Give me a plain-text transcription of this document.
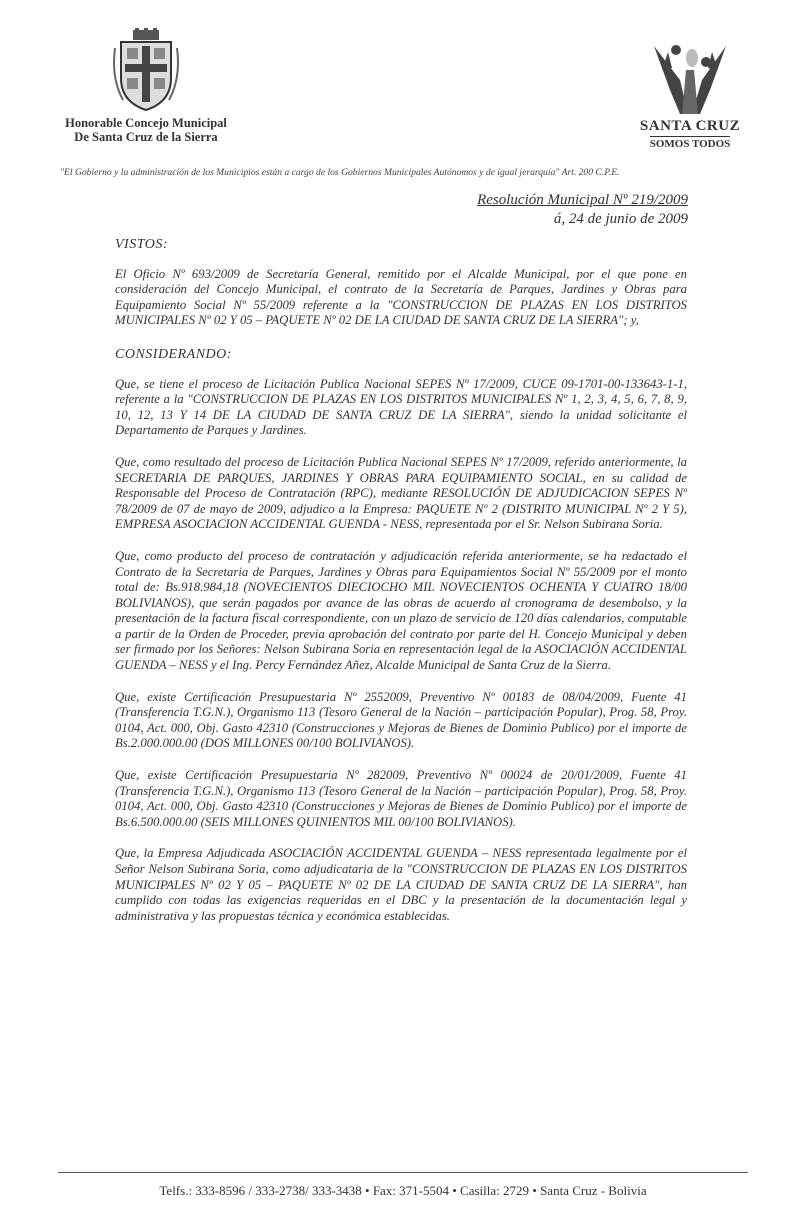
Honorable Concejo Municipal
De Santa Cruz de la Sierra
SANTA CRUZ
SOMOS TODOS
"El Gobierno y la administración de los Municipios están a cargo de los Gobiernos Municipales Autónomos y de igual jerarquía" Art. 200 C.P.E.
Resolución Municipal Nº 219/2009
á, 24 de junio de 2009
VISTOS:

El Oficio Nº 693/2009 de Secretaría General, remitido por el Alcalde Municipal, por el que pone en consideración del Concejo Municipal, el contrato de la Secretaría de Parques, Jardines y Obras para Equipamiento Social Nº 55/2009 referente a la "CONSTRUCCION DE PLAZAS EN LOS DISTRITOS MUNICIPALES Nº 02 Y 05 – PAQUETE Nº 02 DE LA CIUDAD DE SANTA CRUZ DE LA SIERRA"; y,

CONSIDERANDO:

Que, se tiene el proceso de Licitación Publica Nacional SEPES Nº 17/2009, CUCE 09-1701-00-133643-1-1, referente a la "CONSTRUCCION DE PLAZAS EN LOS DISTRITOS MUNICIPALES Nº 1, 2, 3, 4, 5, 6, 7, 8, 9, 10, 12, 13 Y 14 DE LA CIUDAD DE SANTA CRUZ DE LA SIERRA", siendo la unidad solicitante el Departamento de Parques y Jardines.

Que, como resultado del proceso de Licitación Publica Nacional SEPES Nº 17/2009, referido anteriormente, la SECRETARIA DE PARQUES, JARDINES Y OBRAS PARA EQUIPAMIENTO SOCIAL, en su calidad de Responsable del Proceso de Contratación (RPC), mediante RESOLUCIÓN DE ADJUDICACION SEPES Nº 78/2009 de 07 de mayo de 2009, adjudico a la Empresa: PAQUETE Nº 2 (DISTRITO MUNICIPAL Nº 2 Y 5), EMPRESA ASOCIACION ACCIDENTAL GUENDA - NESS, representada por el Sr. Nelson Subirana Soria.

Que, como producto del proceso de contratación y adjudicación referida anteriormente, se ha redactado el Contrato de la Secretaria de Parques, Jardines y Obras para Equipamientos Social Nº 55/2009 por el monto total de: Bs.918.984,18 (NOVECIENTOS DIECIOCHO MIL NOVECIENTOS OCHENTA Y CUATRO 18/00 BOLIVIANOS), que serán pagados por avance de las obras de acuerdo al cronograma de desembolso, y la presentación de la factura fiscal correspondiente, con un plazo de servicio de 120 días calendarios, computable a partir de la Orden de Proceder, previa aprobación del contrato por parte del H. Concejo Municipal y deben ser firmado por los Señores: Nelson Subirana Soria en representación legal de la ASOCIACIÓN ACCIDENTAL GUENDA – NESS y el Ing. Percy Fernández Añez, Alcalde Municipal de Santa Cruz de la Sierra.

Que, existe Certificación Presupuestaria Nº 2552009, Preventivo Nº 00183 de 08/04/2009, Fuente 41 (Transferencia T.G.N.), Organismo 113 (Tesoro General de la Nación – participación Popular), Prog. 58, Proy. 0104, Act. 000, Obj. Gasto 42310 (Construcciones y Mejoras de Bienes de Dominio Publico) por el importe de Bs.2.000.000.00 (DOS MILLONES 00/100 BOLIVIANOS).

Que, existe Certificación Presupuestaria Nº 282009, Preventivo Nº 00024 de 20/01/2009, Fuente 41 (Transferencia T.G.N.), Organismo 113 (Tesoro General de la Nación – participación Popular), Prog. 58, Proy. 0104, Act. 000, Obj. Gasto 42310 (Construcciones y Mejoras de Bienes de Dominio Publico) por el importe de Bs.6.500.000.00 (SEIS MILLONES QUINIENTOS MIL 00/100 BOLIVIANOS).

Que, la Empresa Adjudicada ASOCIACIÓN ACCIDENTAL GUENDA – NESS representada legalmente por el Señor Nelson Subirana Soria, como adjudicataria de la "CONSTRUCCION DE PLAZAS EN LOS DISTRITOS MUNICIPALES Nº 02 Y 05 – PAQUETE Nº 02 DE LA CIUDAD DE SANTA CRUZ DE LA SIERRA", han cumplido con todas las exigencias requeridas en el DBC y la presentación de la documentación legal y administrativa y las propuestas técnica y económica establecidas.

Telfs.: 333-8596 / 333-2738/ 333-3438 • Fax: 371-5504 • Casilla: 2729 • Santa Cruz - Bolivia
